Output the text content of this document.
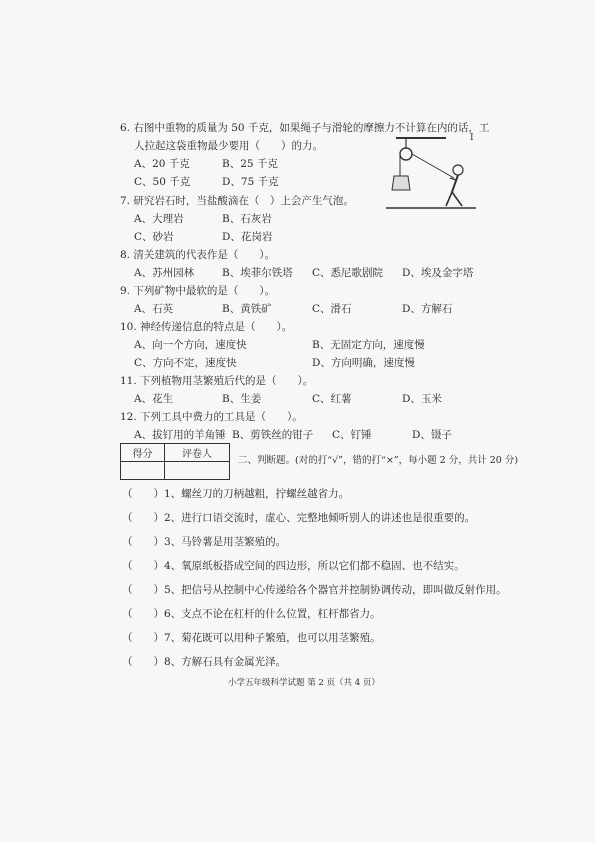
6. 右图中重物的质量为 50 千克，如果绳子与滑轮的摩擦力不计算在内的话，工
人拉起这袋重物最少要用（　　）的力。
A、20 千克	B、25 千克
C、50 千克	D、75 千克
I
7. 研究岩石时，当盐酸滴在（　）上会产生气泡。
A、大理岩	B、石灰岩
C、砂岩	D、花岗岩
8. 清关建筑的代表作是（　　）。
A、苏州园林	B、埃菲尔铁塔 C、悉尼歌剧院 D、埃及金字塔
9. 下列矿物中最软的是（　　）。
A、石英	B、黄铁矿	C、滑石	D、方解石
10. 神经传递信息的特点是（　　）。
A、向一个方向，速度快	B、无固定方向，速度慢
C、方向不定，速度快	D、方向明确，速度慢
11. 下列植物用茎繁殖后代的是（　　）。
A、花生	B、生姜	C、红薯	D、玉米
12. 下列工具中费力的工具是（　　）。
A、拔钉用的羊角锤 B、剪铁丝的钳子 C、钉锤	D、镊子
得分	评卷人

二、判断题。(对的打“√”，错的打“×”，每小题 2 分，共计 20 分)
（　　）1、螺丝刀的刀柄越粗，拧螺丝越省力。
（　　）2、进行口语交流时，虚心、完整地倾听别人的讲述也是很重要的。
（　　）3、马铃薯是用茎繁殖的。
（　　）4、氧原纸板搭成空间的四边形，所以它们都不稳固、也不结实。
（　　）5、把信号从控制中心传递给各个器官并控制协调传动，即叫做反射作用。
（　　）6、支点不论在杠杆的什么位置，杠杆都省力。
（　　）7、菊花既可以用种子繁殖，也可以用茎繁殖。
（　　）8、方解石具有金属光泽。
小学五年级科学试题 第 2 页（共 4 页）
